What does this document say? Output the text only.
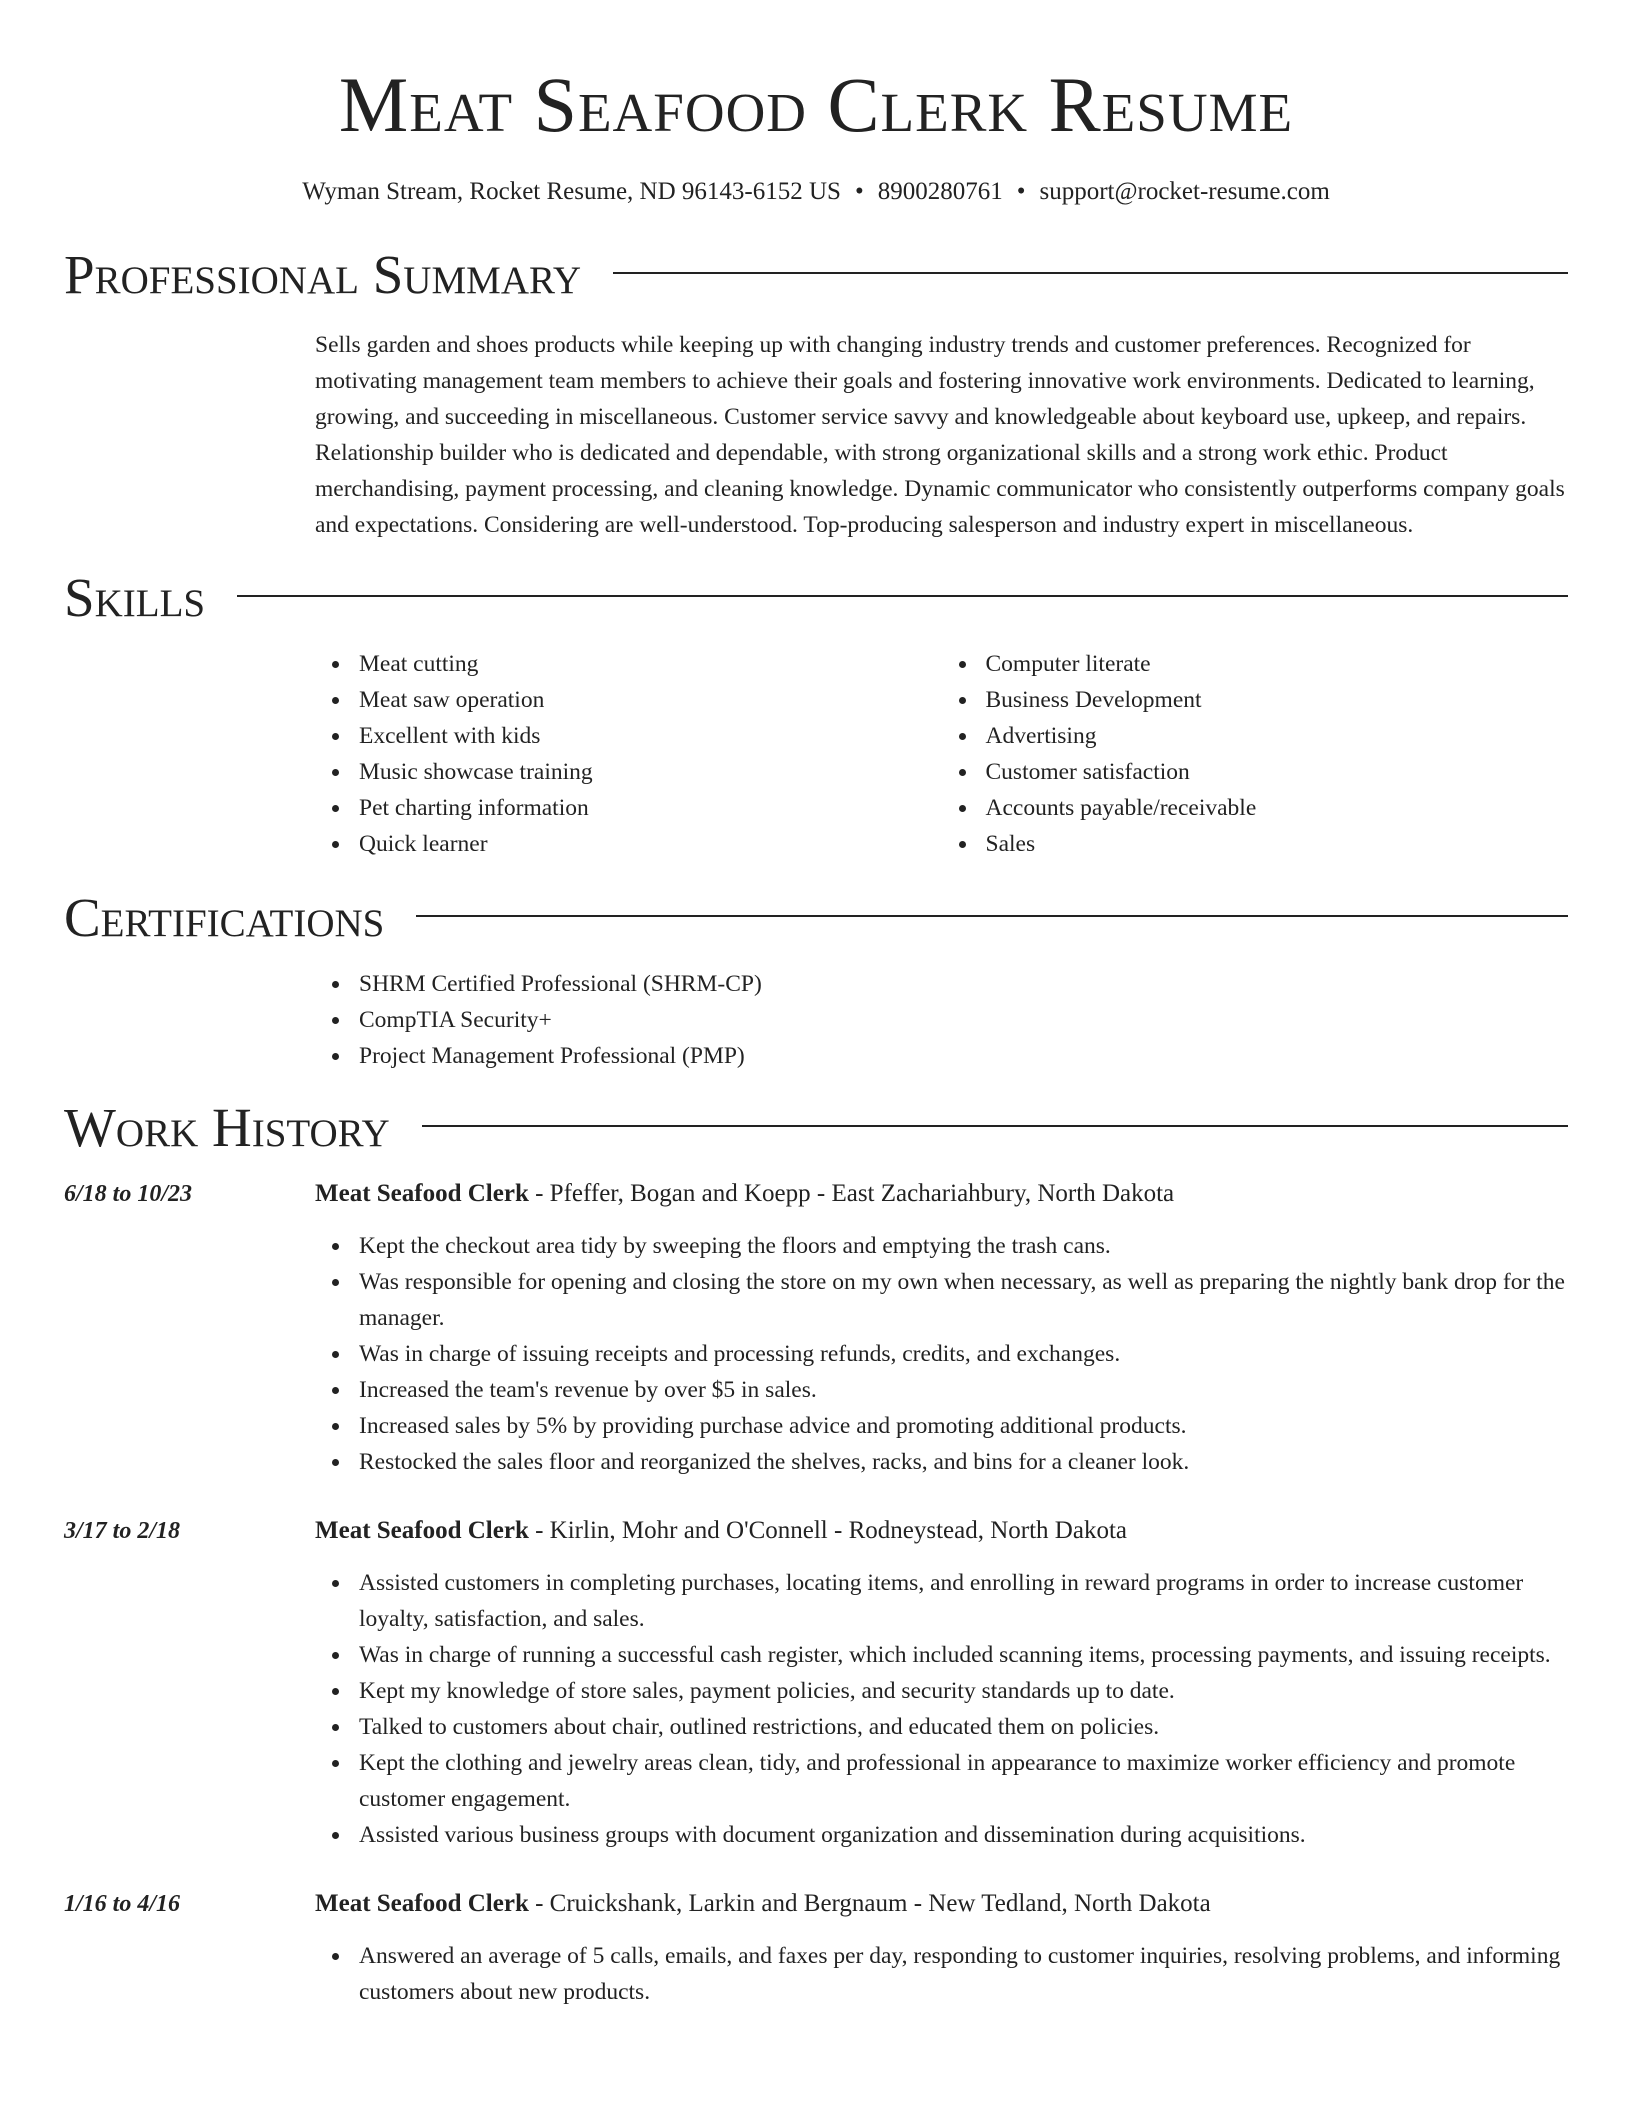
Meat Seafood Clerk Resume
Wyman Stream, Rocket Resume, ND 96143-6152 US • 8900280761 • support@rocket-resume.com
Professional Summary

Sells garden and shoes products while keeping up with changing industry trends and customer preferences. Recognized for motivating management team members to achieve their goals and fostering innovative work environments. Dedicated to learning, growing, and succeeding in miscellaneous. Customer service savvy and knowledgeable about keyboard use, upkeep, and repairs. Relationship builder who is dedicated and dependable, with strong organizational skills and a strong work ethic. Product merchandising, payment processing, and cleaning knowledge. Dynamic communicator who consistently outperforms company goals and expectations. Considering are well-understood. Top-producing salesperson and industry expert in miscellaneous.

Skills
Meat cutting
Meat saw operation
Excellent with kids
Music showcase training
Pet charting information
Quick learner
Computer literate
Business Development
Advertising
Customer satisfaction
Accounts payable/receivable
Sales
Certifications
SHRM Certified Professional (SHRM-CP)
CompTIA Security+
Project Management Professional (PMP)
Work History
6/18 to 10/23	Meat Seafood Clerk - Pfeffer, Bogan and Koepp - East Zachariahbury, North Dakota
Kept the checkout area tidy by sweeping the floors and emptying the trash cans.
Was responsible for opening and closing the store on my own when necessary, as well as preparing the nightly bank drop for the manager.
Was in charge of issuing receipts and processing refunds, credits, and exchanges.
Increased the team's revenue by over $5 in sales.
Increased sales by 5% by providing purchase advice and promoting additional products.
Restocked the sales floor and reorganized the shelves, racks, and bins for a cleaner look.
3/17 to 2/18	Meat Seafood Clerk - Kirlin, Mohr and O'Connell - Rodneystead, North Dakota
Assisted customers in completing purchases, locating items, and enrolling in reward programs in order to increase customer loyalty, satisfaction, and sales.
Was in charge of running a successful cash register, which included scanning items, processing payments, and issuing receipts.
Kept my knowledge of store sales, payment policies, and security standards up to date.
Talked to customers about chair, outlined restrictions, and educated them on policies.
Kept the clothing and jewelry areas clean, tidy, and professional in appearance to maximize worker efficiency and promote customer engagement.
Assisted various business groups with document organization and dissemination during acquisitions.
1/16 to 4/16	Meat Seafood Clerk - Cruickshank, Larkin and Bergnaum - New Tedland, North Dakota
Answered an average of 5 calls, emails, and faxes per day, responding to customer inquiries, resolving problems, and informing customers about new products.
